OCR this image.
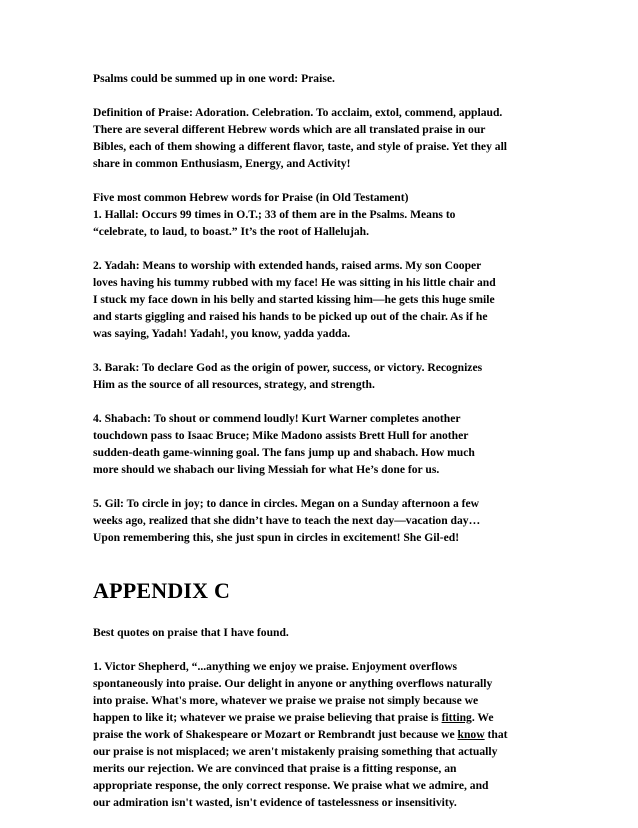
Psalms could be summed up in one word: Praise.

Definition of Praise: Adoration. Celebration. To acclaim, extol, commend, applaud.
There are several different Hebrew words which are all translated praise in our
Bibles, each of them showing a different flavor, taste, and style of praise. Yet they all
share in common Enthusiasm, Energy, and Activity!

Five most common Hebrew words for Praise (in Old Testament)
1. Hallal: Occurs 99 times in O.T.; 33 of them are in the Psalms. Means to
“celebrate, to laud, to boast.” It’s the root of Hallelujah.

2. Yadah: Means to worship with extended hands, raised arms. My son Cooper
loves having his tummy rubbed with my face! He was sitting in his little chair and
I stuck my face down in his belly and started kissing him—he gets this huge smile
and starts giggling and raised his hands to be picked up out of the chair. As if he
was saying, Yadah! Yadah!, you know, yadda yadda.

3. Barak: To declare God as the origin of power, success, or victory. Recognizes
Him as the source of all resources, strategy, and strength.

4. Shabach: To shout or commend loudly! Kurt Warner completes another
touchdown pass to Isaac Bruce; Mike Madono assists Brett Hull for another
sudden-death game-winning goal. The fans jump up and shabach. How much
more should we shabach our living Messiah for what He’s done for us.

5. Gil: To circle in joy; to dance in circles. Megan on a Sunday afternoon a few
weeks ago, realized that she didn’t have to teach the next day—vacation day…
Upon remembering this, she just spun in circles in excitement! She Gil-ed!

APPENDIX C

Best quotes on praise that I have found.

1. Victor Shepherd, “...anything we enjoy we praise. Enjoyment overflows
spontaneously into praise. Our delight in anyone or anything overflows naturally
into praise. What's more, whatever we praise we praise not simply because we
happen to like it; whatever we praise we praise believing that praise is fitting. We
praise the work of Shakespeare or Mozart or Rembrandt just because we know that
our praise is not misplaced; we aren't mistakenly praising something that actually
merits our rejection. We are convinced that praise is a fitting response, an
appropriate response, the only correct response. We praise what we admire, and
our admiration isn't wasted, isn't evidence of tastelessness or insensitivity.
